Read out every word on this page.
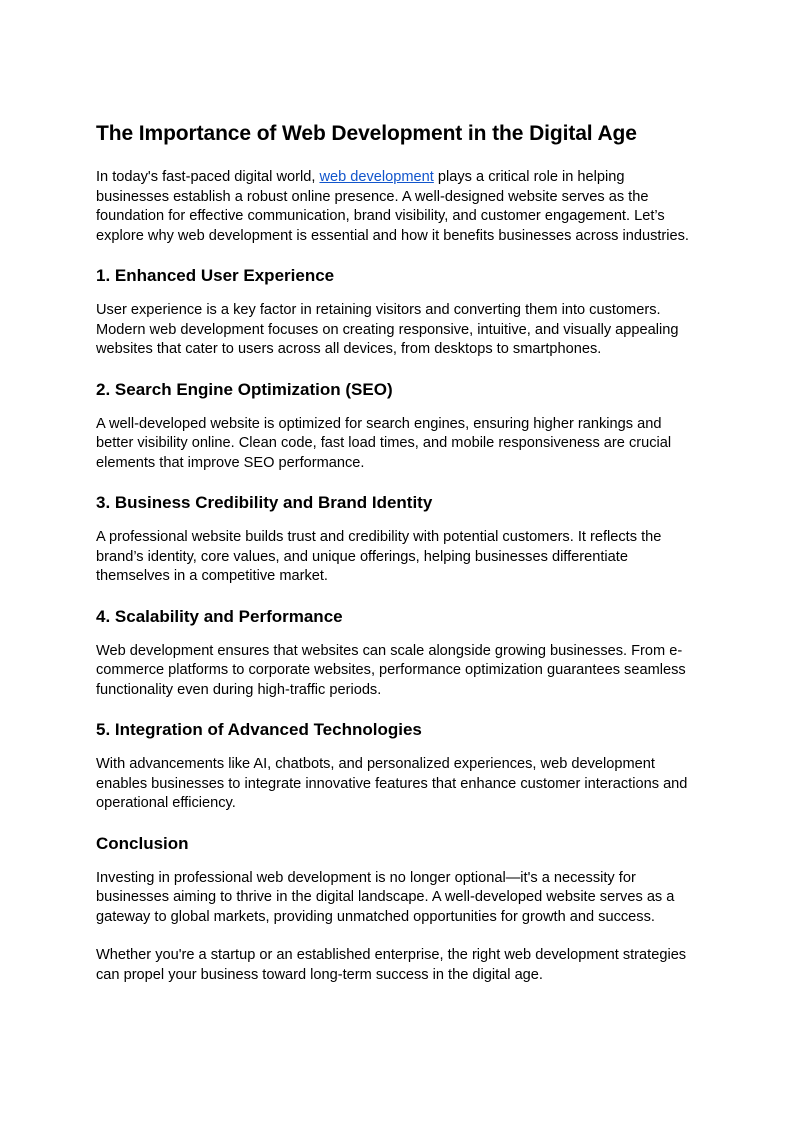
The Importance of Web Development in the Digital Age

In today's fast-paced digital world, web development plays a critical role in helping businesses establish a robust online presence. A well-designed website serves as the foundation for effective communication, brand visibility, and customer engagement. Let’s explore why web development is essential and how it benefits businesses across industries.

1. Enhanced User Experience

User experience is a key factor in retaining visitors and converting them into customers. Modern web development focuses on creating responsive, intuitive, and visually appealing websites that cater to users across all devices, from desktops to smartphones.

2. Search Engine Optimization (SEO)

A well-developed website is optimized for search engines, ensuring higher rankings and better visibility online. Clean code, fast load times, and mobile responsiveness are crucial elements that improve SEO performance.

3. Business Credibility and Brand Identity

A professional website builds trust and credibility with potential customers. It reflects the brand’s identity, core values, and unique offerings, helping businesses differentiate themselves in a competitive market.

4. Scalability and Performance

Web development ensures that websites can scale alongside growing businesses. From e-commerce platforms to corporate websites, performance optimization guarantees seamless functionality even during high-traffic periods.

5. Integration of Advanced Technologies

With advancements like AI, chatbots, and personalized experiences, web development enables businesses to integrate innovative features that enhance customer interactions and operational efficiency.

Conclusion

Investing in professional web development is no longer optional—it's a necessity for businesses aiming to thrive in the digital landscape. A well-developed website serves as a gateway to global markets, providing unmatched opportunities for growth and success.

Whether you're a startup or an established enterprise, the right web development strategies can propel your business toward long-term success in the digital age.
